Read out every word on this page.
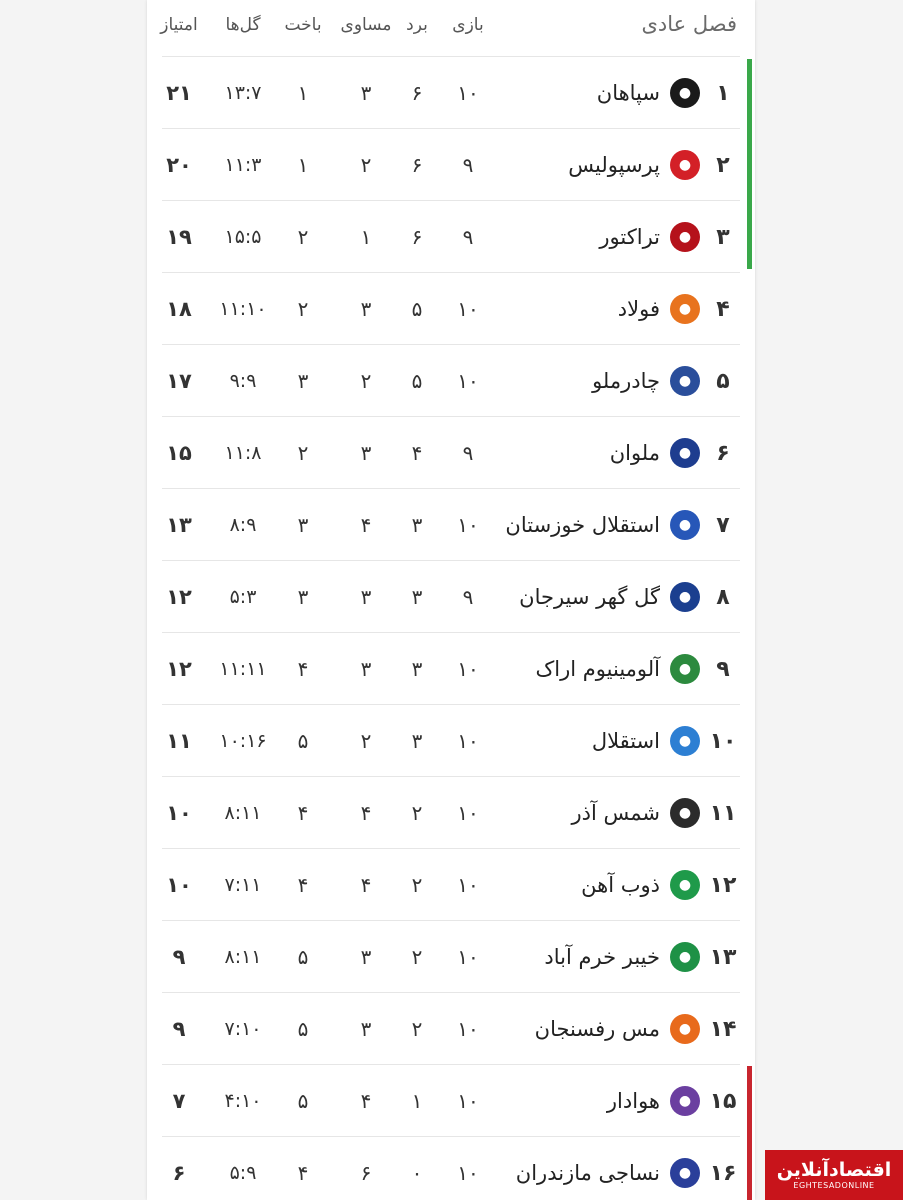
فصل عادی
بازی
برد
مساوی
باخت
گل‌ها
امتیاز
۱
●
سپاهان
۱۰
۶
۳
۱
۱۳:۷
۲۱
۲
●
پرسپولیس
۹
۶
۲
۱
۱۱:۳
۲۰
۳
●
تراکتور
۹
۶
۱
۲
۱۵:۵
۱۹
۴
●
فولاد
۱۰
۵
۳
۲
۱۱:۱۰
۱۸
۵
●
چادرملو
۱۰
۵
۲
۳
۹:۹
۱۷
۶
●
ملوان
۹
۴
۳
۲
۱۱:۸
۱۵
۷
●
استقلال خوزستان
۱۰
۳
۴
۳
۸:۹
۱۳
۸
●
گل گهر سیرجان
۹
۳
۳
۳
۵:۳
۱۲
۹
●
آلومینیوم اراک
۱۰
۳
۳
۴
۱۱:۱۱
۱۲
۱۰
●
استقلال
۱۰
۳
۲
۵
۱۰:۱۶
۱۱
۱۱
●
شمس آذر
۱۰
۲
۴
۴
۸:۱۱
۱۰
۱۲
●
ذوب آهن
۱۰
۲
۴
۴
۷:۱۱
۱۰
۱۳
●
خیبر خرم آباد
۱۰
۲
۳
۵
۸:۱۱
۹
۱۴
●
مس رفسنجان
۱۰
۲
۳
۵
۷:۱۰
۹
۱۵
●
هوادار
۱۰
۱
۴
۵
۴:۱۰
۷
۱۶
●
نساجی مازندران
۱۰
۰
۶
۴
۵:۹
۶	اقتصادآنلاین
EGHTESADONLINE
